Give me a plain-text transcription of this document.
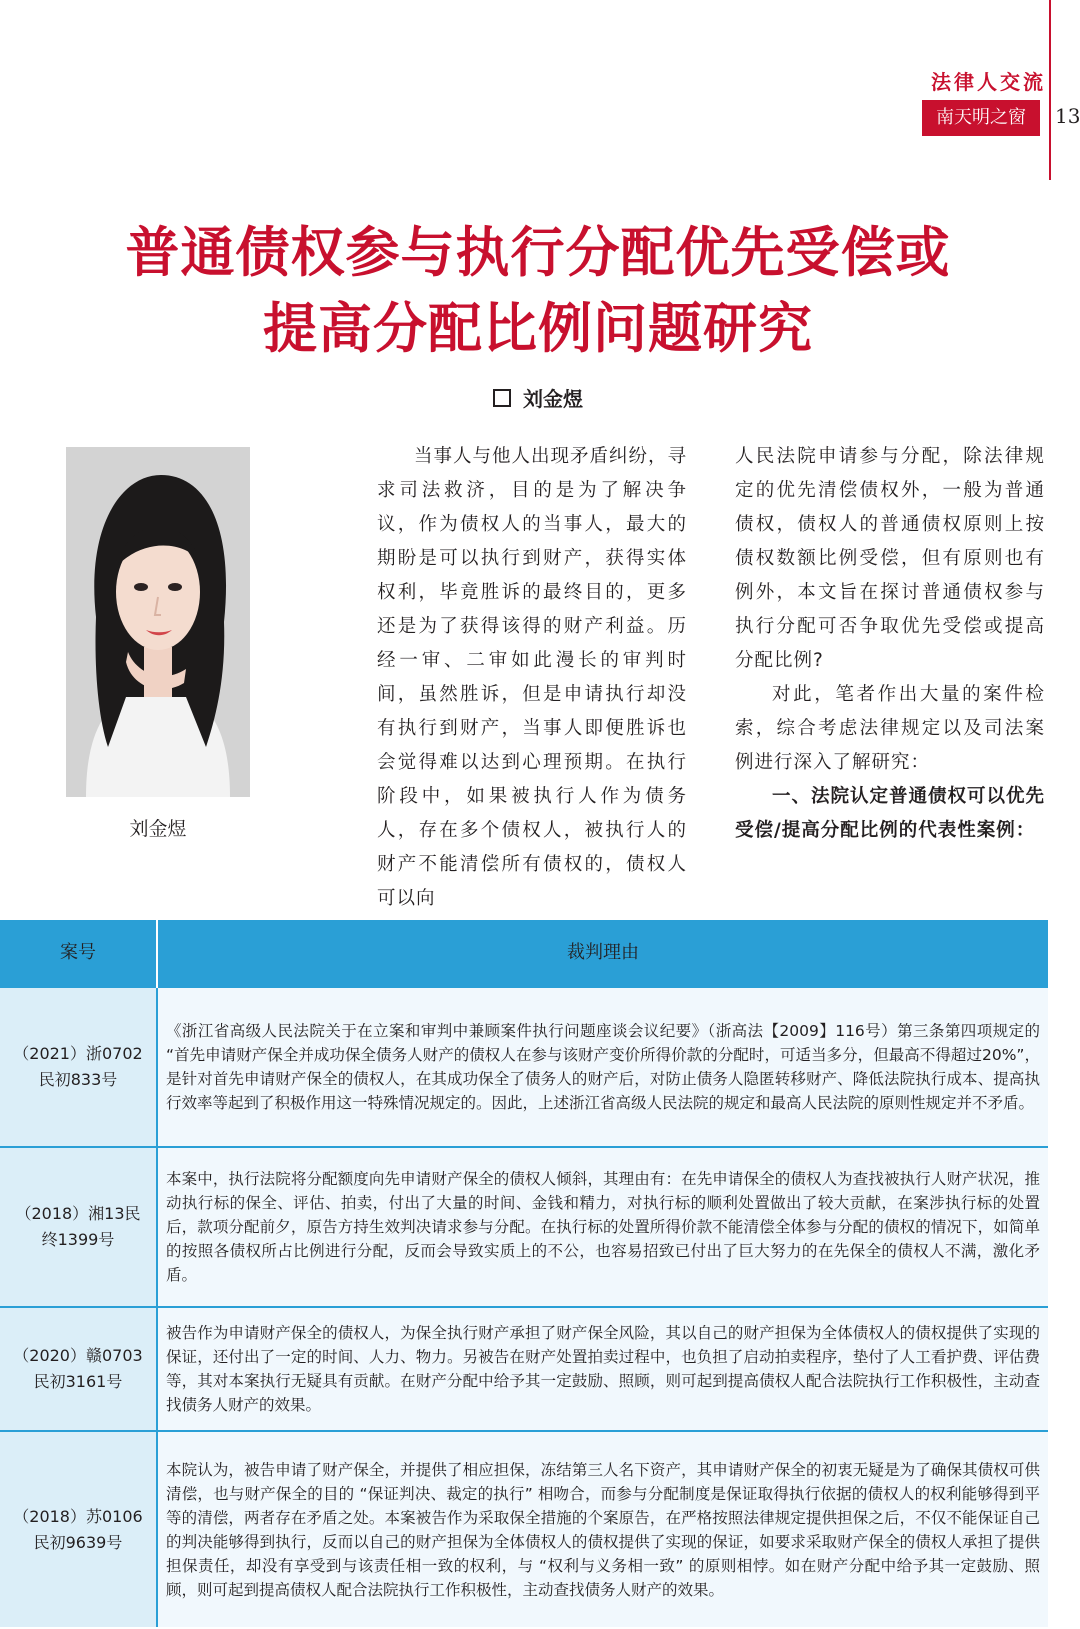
法律人交流
南天明之窗	13
普通债权参与执行分配优先受偿或
提高分配比例问题研究
刘金煜
刘金煜

当事人与他人出现矛盾纠纷，寻求司法救济，目的是为了解决争议，作为债权人的当事人，最大的期盼是可以执行到财产，获得实体权利，毕竟胜诉的最终目的，更多还是为了获得该得的财产利益。历经一审、二审如此漫长的审判时间，虽然胜诉，但是申请执行却没有执行到财产，当事人即便胜诉也会觉得难以达到心理预期。在执行阶段中，如果被执行人作为债务人，存在多个债权人，被执行人的财产不能清偿所有债权的，债权人可以向

人民法院申请参与分配，除法律规定的优先清偿债权外，一般为普通债权，债权人的普通债权原则上按债权数额比例受偿，但有原则也有例外，本文旨在探讨普通债权参与执行分配可否争取优先受偿或提高分配比例?

对此，笔者作出大量的案件检索，综合考虑法律规定以及司法案例进行深入了解研究：

一、法院认定普通债权可以优先受偿/提高分配比例的代表性案例：

案号	裁判理由

（2021）浙0702
民初833号	《浙江省高级人民法院关于在立案和审判中兼顾案件执行问题座谈会议纪要》（浙高法【2009】116号）第三条第四项规定的 “首先申请财产保全并成功保全债务人财产的债权人在参与该财产变价所得价款的分配时，可适当多分，但最高不得超过20%”，是针对首先申请财产保全的债权人，在其成功保全了债务人的财产后，对防止债务人隐匿转移财产、降低法院执行成本、提高执行效率等起到了积极作用这一特殊情况规定的。因此，上述浙江省高级人民法院的规定和最高人民法院的原则性规定并不矛盾。

（2018）湘13民
终1399号	本案中，执行法院将分配额度向先申请财产保全的债权人倾斜，其理由有：在先申请保全的债权人为查找被执行人财产状况，推动执行标的保全、评估、拍卖，付出了大量的时间、金钱和精力，对执行标的顺利处置做出了较大贡献，在案涉执行标的处置后，款项分配前夕，原告方持生效判决请求参与分配。在执行标的处置所得价款不能清偿全体参与分配的债权的情况下，如简单的按照各债权所占比例进行分配，反而会导致实质上的不公，也容易招致已付出了巨大努力的在先保全的债权人不满，激化矛盾。

（2020）赣0703
民初3161号	被告作为申请财产保全的债权人，为保全执行财产承担了财产保全风险，其以自己的财产担保为全体债权人的债权提供了实现的保证，还付出了一定的时间、人力、物力。另被告在财产处置拍卖过程中，也负担了启动拍卖程序，垫付了人工看护费、评估费等，其对本案执行无疑具有贡献。在财产分配中给予其一定鼓励、照顾，则可起到提高债权人配合法院执行工作积极性，主动查找债务人财产的效果。

（2018）苏0106
民初9639号	本院认为，被告申请了财产保全，并提供了相应担保，冻结第三人名下资产，其申请财产保全的初衷无疑是为了确保其债权可供清偿，也与财产保全的目的 “保证判决、裁定的执行” 相吻合，而参与分配制度是保证取得执行依据的债权人的权利能够得到平等的清偿，两者存在矛盾之处。本案被告作为采取保全措施的个案原告，在严格按照法律规定提供担保之后，不仅不能保证自己的判决能够得到执行，反而以自己的财产担保为全体债权人的债权提供了实现的保证，如要求采取财产保全的债权人承担了提供担保责任，却没有享受到与该责任相一致的权利，与 “权利与义务相一致” 的原则相悖。如在财产分配中给予其一定鼓励、照顾，则可起到提高债权人配合法院执行工作积极性，主动查找债务人财产的效果。
